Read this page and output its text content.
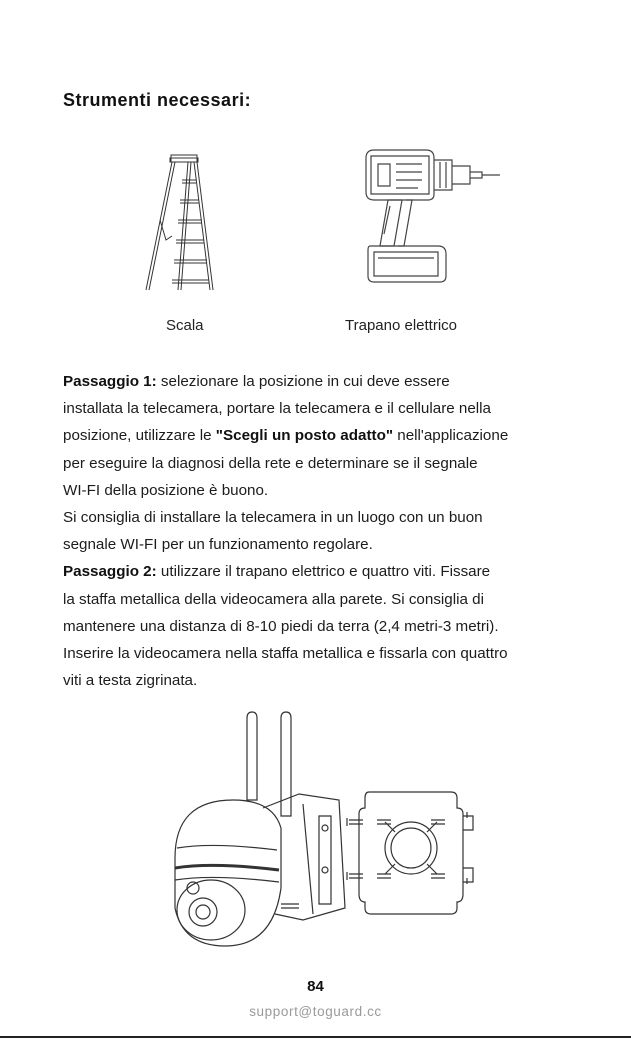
Strumenti necessari:
Scala	Trapano elettrico
Passaggio 1: selezionare la posizione in cui deve essere
installata la telecamera, portare la telecamera e il cellulare nella
posizione, utilizzare le "Scegli un posto adatto" nell'applicazione
per eseguire la diagnosi della rete e determinare se il segnale
WI-FI della posizione è buono.
Si consiglia di installare la telecamera in un luogo con un buon
segnale WI-FI per un funzionamento regolare.
Passaggio 2: utilizzare il trapano elettrico e quattro viti. Fissare
la staffa metallica della videocamera alla parete. Si consiglia di
mantenere una distanza di 8-10 piedi da terra (2,4 metri-3 metri).
Inserire la videocamera nella staffa metallica e fissarla con quattro
viti a testa zigrinata.
84
support@toguard.cc
